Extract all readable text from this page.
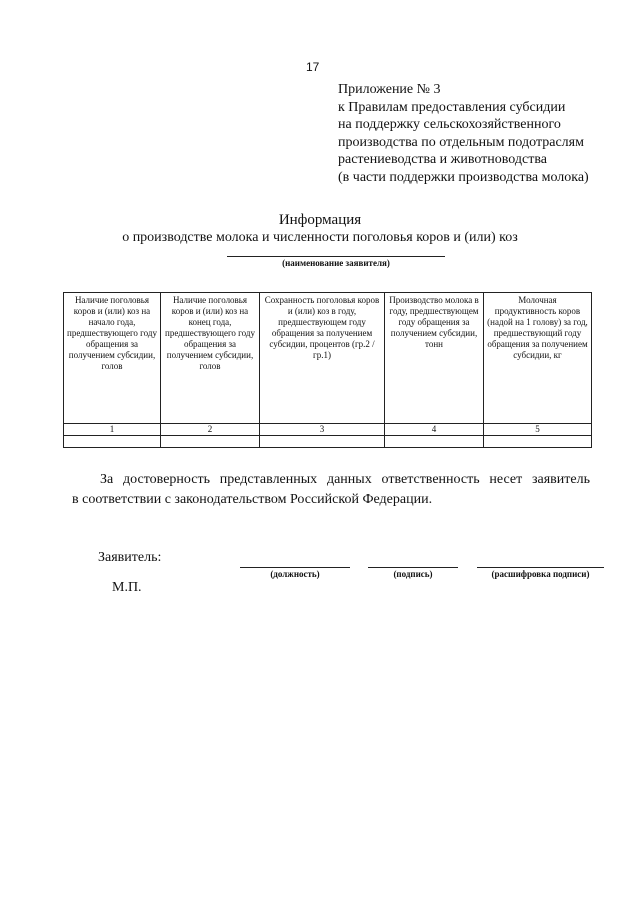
17
Приложение № 3
к Правилам предоставления субсидии
на поддержку сельскохозяйственного
производства по отдельным подотраслям
растениеводства и животноводства
(в части поддержки производства молока)
Информация
о производстве молока и численности поголовья коров и (или) коз
(наименование заявителя)
Наличие поголовья коров и (или) коз на начало года, предшествующего году обращения за получением субсидии, голов	Наличие поголовья коров и (или) коз на конец года, предшествующего году обращения за получением субсидии, голов	Сохранность поголовья коров и (или) коз в году, предшествующем году обращения за получением субсидии, процентов (гр.2 / гр.1)	Производство молока в году, предшествующем году обращения за получением субсидии, тонн	Молочная продуктивность коров (надой на 1 голову) за год, предшествующий году обращения за получением субсидии, кг
1	2	3	4	5

За достоверность представленных данных ответственность несет заявитель
в соответствии с законодательством Российской Федерации.
Заявитель:
М.П.
(должность)	(подпись)	(расшифровка подписи)
